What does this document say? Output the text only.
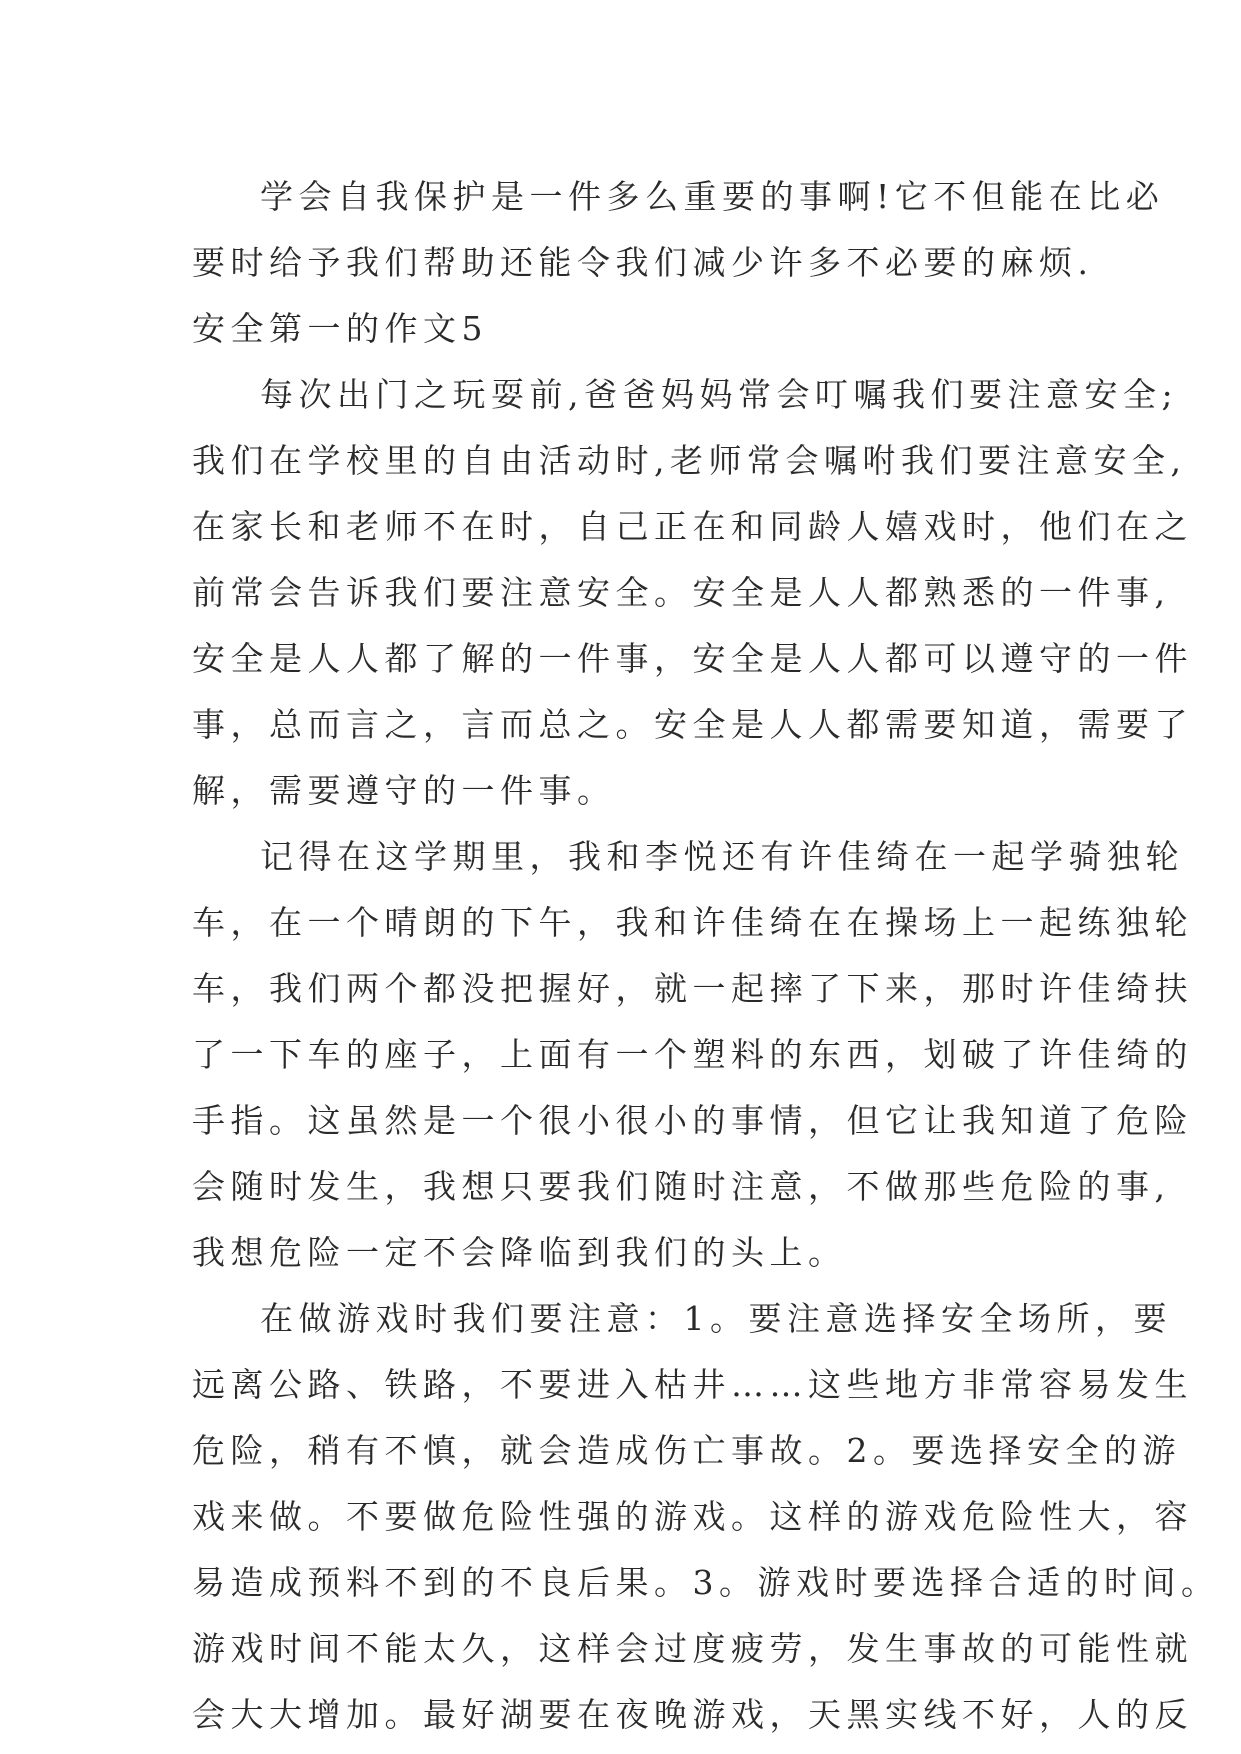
学会自我保护是一件多么重要的事啊!它不但能在比必
要时给予我们帮助还能令我们减少许多不必要的麻烦.

安全第一的作文5

每次出门之玩耍前,爸爸妈妈常会叮嘱我们要注意安全;
我们在学校里的自由活动时,老师常会嘱咐我们要注意安全,
在家长和老师不在时，自己正在和同龄人嬉戏时，他们在之
前常会告诉我们要注意安全。安全是人人都熟悉的一件事,
安全是人人都了解的一件事，安全是人人都可以遵守的一件
事，总而言之，言而总之。安全是人人都需要知道，需要了
解，需要遵守的一件事。

记得在这学期里，我和李悦还有许佳绮在一起学骑独轮
车，在一个晴朗的下午，我和许佳绮在在操场上一起练独轮
车，我们两个都没把握好，就一起摔了下来，那时许佳绮扶
了一下车的座子，上面有一个塑料的东西，划破了许佳绮的
手指。这虽然是一个很小很小的事情，但它让我知道了危险
会随时发生，我想只要我们随时注意，不做那些危险的事,
我想危险一定不会降临到我们的头上。

在做游戏时我们要注意：1。要注意选择安全场所，要
远离公路、铁路，不要进入枯井……这些地方非常容易发生
危险，稍有不慎，就会造成伤亡事故。2。要选择安全的游
戏来做。不要做危险性强的游戏。这样的游戏危险性大，容
易造成预料不到的不良后果。3。游戏时要选择合适的时间。
游戏时间不能太久，这样会过度疲劳，发生事故的可能性就
会大大增加。最好湖要在夜晚游戏，天黑实线不好，人的反
